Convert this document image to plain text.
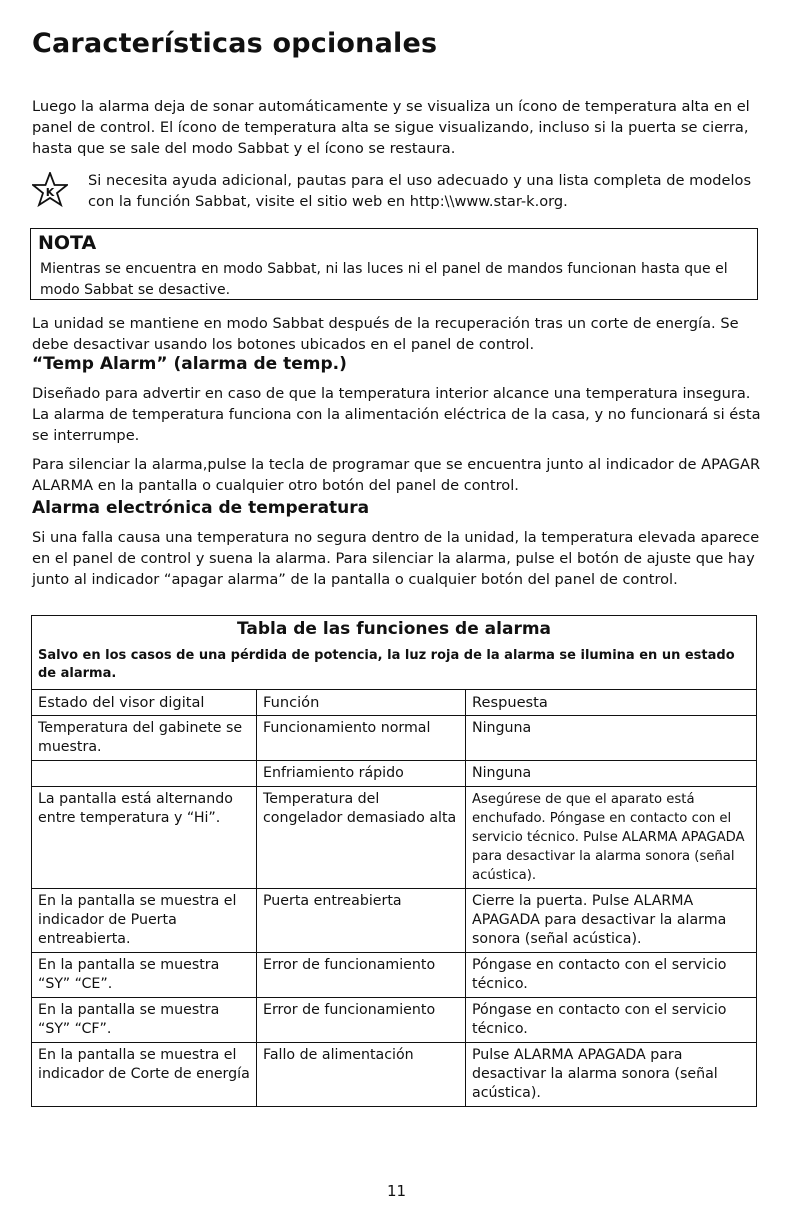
Características opcionales

Luego la alarma deja de sonar automáticamente y se visualiza un ícono de temperatura alta en el panel de control. El ícono de temperatura alta se sigue visualizando, incluso si la puerta se cierra, hasta que se sale del modo Sabbat y el ícono se restaura.

K

Si necesita ayuda adicional, pautas para el uso adecuado y una lista completa de modelos con la función Sabbat, visite el sitio web en http:\\www.star-k.org.

NOTA

Mientras se encuentra en modo Sabbat, ni las luces ni el panel de mandos funcionan hasta que el modo Sabbat se desactive.

La unidad se mantiene en modo Sabbat después de la recuperación tras un corte de energía. Se debe desactivar usando los botones ubicados en el panel de control.

“Temp Alarm” (alarma de temp.)

Diseñado para advertir en caso de que la temperatura interior alcance una temperatura insegura. La alarma de temperatura funciona con la alimentación eléctrica de la casa, y no funcionará si ésta se interrumpe.

Para silenciar la alarma,pulse la tecla de programar que se encuentra junto al indicador de APAGAR ALARMA en la pantalla o cualquier otro botón del panel de control.

Alarma electrónica de temperatura

Si una falla causa una temperatura no segura dentro de la unidad, la temperatura elevada aparece en el panel de control y suena la alarma. Para silenciar la alarma, pulse el botón de ajuste que hay junto al indicador “apagar alarma” de la pantalla o cualquier botón del panel de control.

Tabla de las funciones de alarma		
Salvo en los casos de una pérdida de potencia, la luz roja de la alarma se ilumina en un estado de alarma.		
Estado del visor digital	Función	Respuesta
Temperatura del gabinete se muestra.	Funcionamiento normal	Ninguna
	Enfriamiento rápido	Ninguna
La pantalla está alternando entre temperatura y “Hi”.	Temperatura del congelador demasiado alta	Asegúrese de que el aparato está enchufado. Póngase en contacto con el servicio técnico. Pulse ALARMA APAGADA para desactivar la alarma sonora (señal acústica).
En la pantalla se muestra el indicador de Puerta entreabierta.	Puerta entreabierta	Cierre la puerta. Pulse ALARMA APAGADA para desactivar la alarma sonora (señal acústica).
En la pantalla se muestra “SY” “CE”.	Error de funcionamiento	Póngase en contacto con el servicio técnico.
En la pantalla se muestra “SY” “CF”.	Error de funcionamiento	Póngase en contacto con el servicio técnico.
En la pantalla se muestra el indicador de Corte de energía	Fallo de alimentación	Pulse ALARMA APAGADA para desactivar la alarma sonora (señal acústica).
11
